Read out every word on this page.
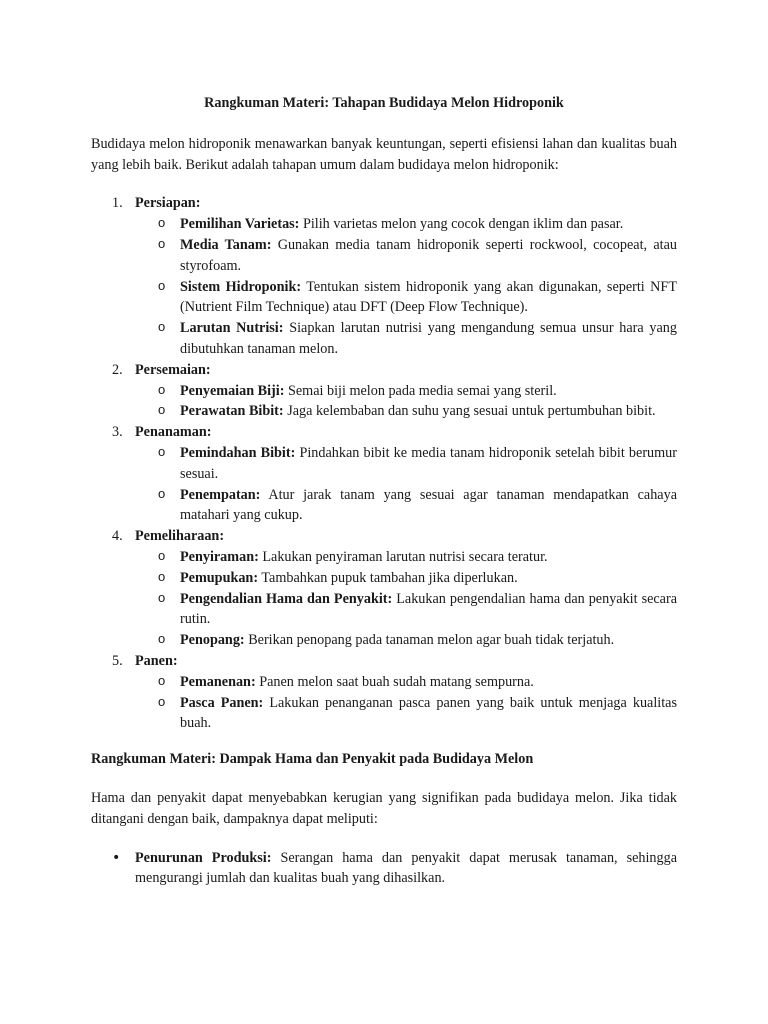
Rangkuman Materi: Tahapan Budidaya Melon Hidroponik

Budidaya melon hidroponik menawarkan banyak keuntungan, seperti efisiensi lahan dan kualitas buah yang lebih baik. Berikut adalah tahapan umum dalam budidaya melon hidroponik:

1. Persiapan:
o Pemilihan Varietas: Pilih varietas melon yang cocok dengan iklim dan pasar.
o Media Tanam: Gunakan media tanam hidroponik seperti rockwool, cocopeat, atau styrofoam.
o Sistem Hidroponik: Tentukan sistem hidroponik yang akan digunakan, seperti NFT (Nutrient Film Technique) atau DFT (Deep Flow Technique).
o Larutan Nutrisi: Siapkan larutan nutrisi yang mengandung semua unsur hara yang dibutuhkan tanaman melon.
2. Persemaian:
o Penyemaian Biji: Semai biji melon pada media semai yang steril.
o Perawatan Bibit: Jaga kelembaban dan suhu yang sesuai untuk pertumbuhan bibit.
3. Penanaman:
o Pemindahan Bibit: Pindahkan bibit ke media tanam hidroponik setelah bibit berumur sesuai.
o Penempatan: Atur jarak tanam yang sesuai agar tanaman mendapatkan cahaya matahari yang cukup.
4. Pemeliharaan:
o Penyiraman: Lakukan penyiraman larutan nutrisi secara teratur.
o Pemupukan: Tambahkan pupuk tambahan jika diperlukan.
o Pengendalian Hama dan Penyakit: Lakukan pengendalian hama dan penyakit secara rutin.
o Penopang: Berikan penopang pada tanaman melon agar buah tidak terjatuh.
5. Panen:
o Pemanenan: Panen melon saat buah sudah matang sempurna.
o Pasca Panen: Lakukan penanganan pasca panen yang baik untuk menjaga kualitas buah.

Rangkuman Materi: Dampak Hama dan Penyakit pada Budidaya Melon

Hama dan penyakit dapat menyebabkan kerugian yang signifikan pada budidaya melon. Jika tidak ditangani dengan baik, dampaknya dapat meliputi:

• Penurunan Produksi: Serangan hama dan penyakit dapat merusak tanaman, sehingga mengurangi jumlah dan kualitas buah yang dihasilkan.
